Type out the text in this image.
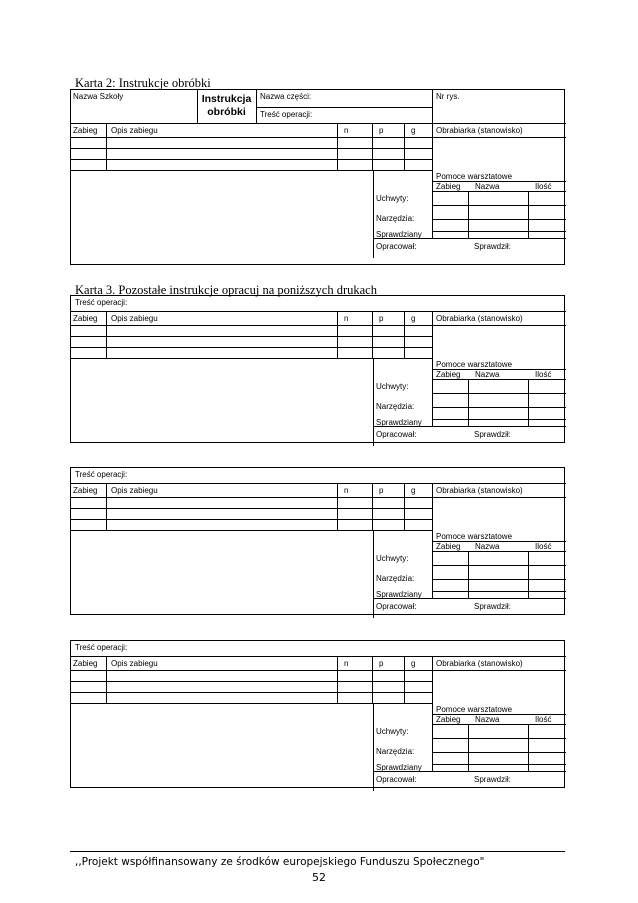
Karta 2: Instrukcje obróbki
Nazwa Szkoły	Instrukcja
obróbki
Nazwa części:
Treść operacji:
Nr rys.
Zabieg Opis zabiegu	n	p	g	Obrabiarka (stanowisko)
Pomoce warsztatowe
Zabieg Nazwa	Ilość
Uchwyty:
Narzędzia:
Sprawdziany
Opracował:	Sprawdził:
Karta 3. Pozostałe instrukcje opracuj na poniższych drukach
Treść operacji:
Zabieg Opis zabiegu	n	p	g	Obrabiarka (stanowisko)
Pomoce warsztatowe
Zabieg Nazwa	Ilość
Uchwyty:
Narzędzia:
Sprawdziany
Opracował:	Sprawdził:
Treść operacji:
Zabieg Opis zabiegu	n	p	g	Obrabiarka (stanowisko)
Pomoce warsztatowe
Zabieg Nazwa	Ilość
Uchwyty:
Narzędzia:
Sprawdziany
Opracował:	Sprawdził:
Treść operacji:
Zabieg Opis zabiegu	n	p	g	Obrabiarka (stanowisko)
Pomoce warsztatowe
Zabieg Nazwa	Ilość
Uchwyty:
Narzędzia:
Sprawdziany
Opracował:	Sprawdził:
,,Projekt współfinansowany ze środków europejskiego Funduszu Społecznego"
52
